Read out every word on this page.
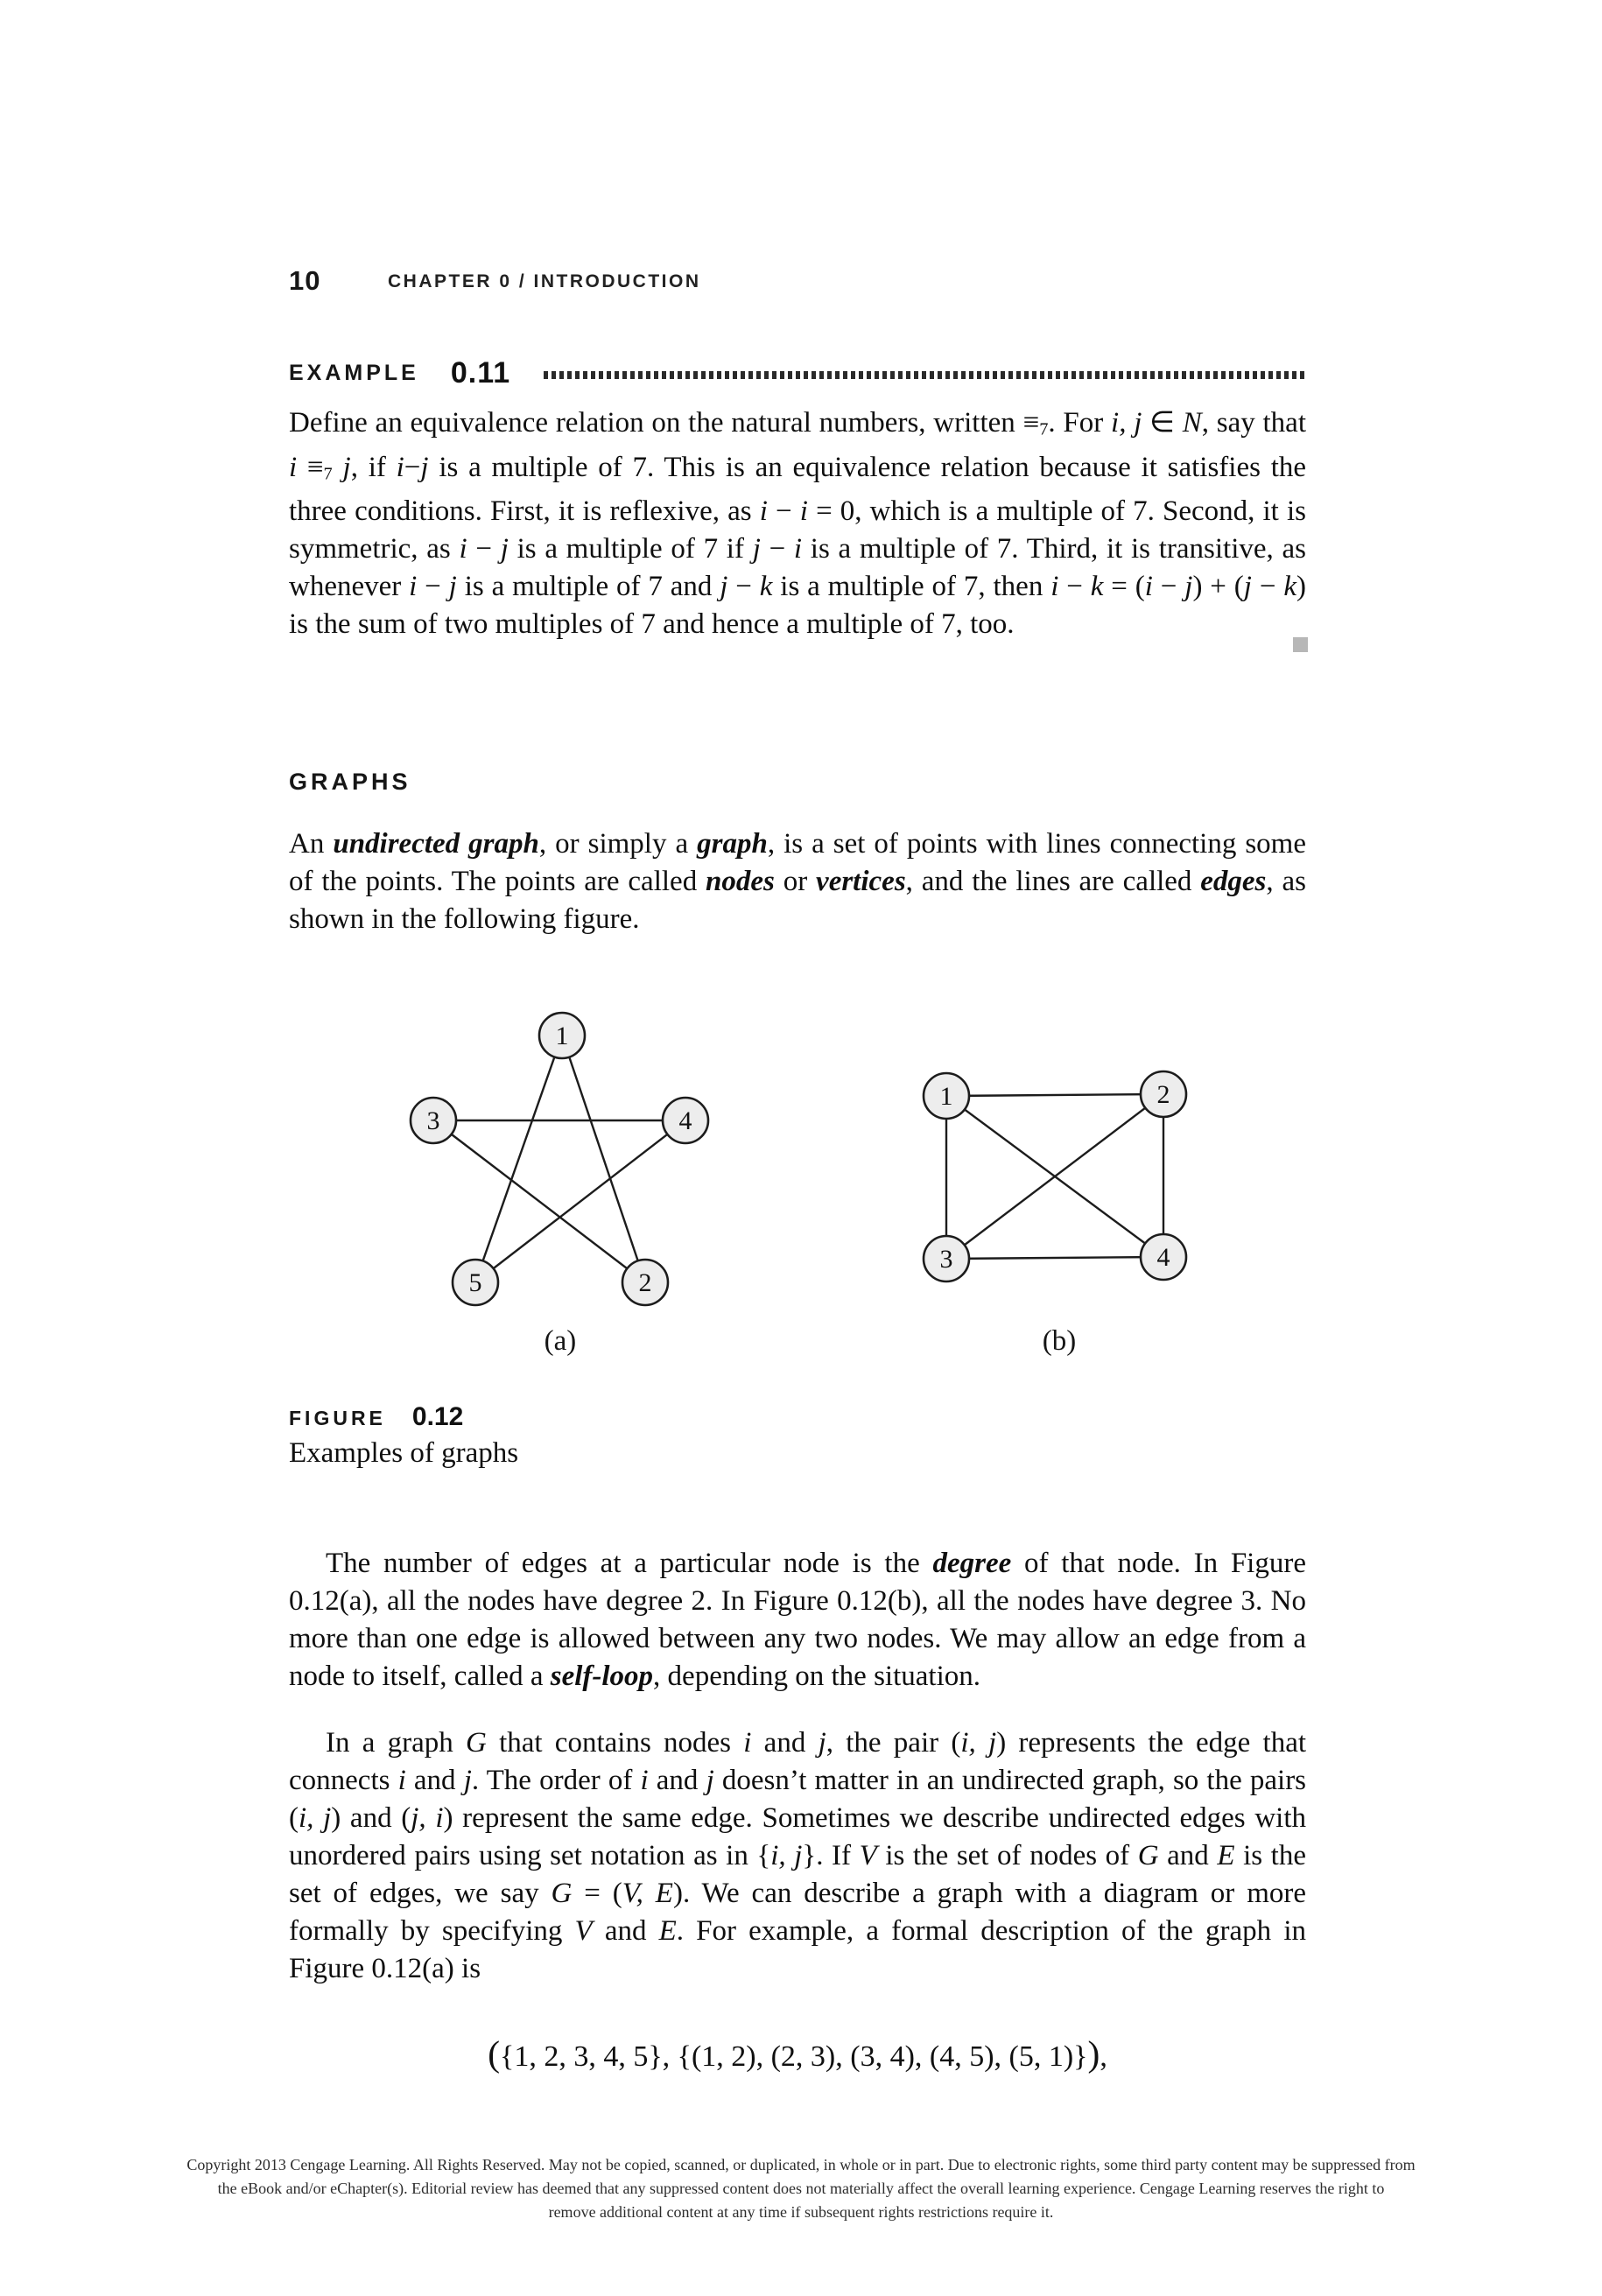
10	CHAPTER 0 / INTRODUCTION
EXAMPLE 0.11
Define an equivalence relation on the natural numbers, written ≡7. For i, j ∈ N, say that i ≡7 j, if i−j is a multiple of 7. This is an equivalence relation because it satisfies the three conditions. First, it is reflexive, as i − i = 0, which is a multiple of 7. Second, it is symmetric, as i − j is a multiple of 7 if j − i is a multiple of 7. Third, it is transitive, as whenever i − j is a multiple of 7 and j − k is a multiple of 7, then i − k = (i − j) + (j − k) is the sum of two multiples of 7 and hence a multiple of 7, too.
GRAPHS
An undirected graph, or simply a graph, is a set of points with lines connecting some of the points. The points are called nodes or vertices, and the lines are called edges, as shown in the following figure.
1
3	4
5	2
(a)
1	2
3	4
(b)
FIGURE 0.12
Examples of graphs
The number of edges at a particular node is the degree of that node. In Figure 0.12(a), all the nodes have degree 2. In Figure 0.12(b), all the nodes have degree 3. No more than one edge is allowed between any two nodes. We may allow an edge from a node to itself, called a self-loop, depending on the situation.
In a graph G that contains nodes i and j, the pair (i, j) represents the edge that connects i and j. The order of i and j doesn’t matter in an undirected graph, so the pairs (i, j) and (j, i) represent the same edge. Sometimes we describe undirected edges with unordered pairs using set notation as in {i, j}. If V is the set of nodes of G and E is the set of edges, we say G = (V, E). We can describe a graph with a diagram or more formally by specifying V and E. For example, a formal description of the graph in Figure 0.12(a) is
({1, 2, 3, 4, 5}, {(1, 2), (2, 3), (3, 4), (4, 5), (5, 1)}),
Copyright 2013 Cengage Learning. All Rights Reserved. May not be copied, scanned, or duplicated, in whole or in part. Due to electronic rights, some third party content may be suppressed from
the eBook and/or eChapter(s). Editorial review has deemed that any suppressed content does not materially affect the overall learning experience. Cengage Learning reserves the right to
remove additional content at any time if subsequent rights restrictions require it.
